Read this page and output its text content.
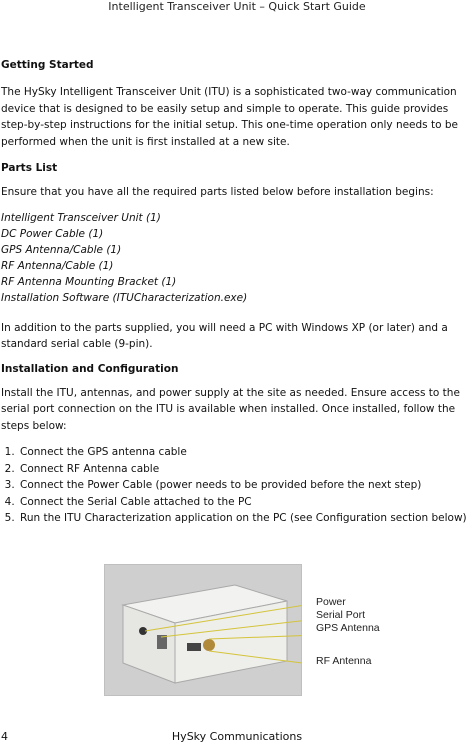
Intelligent Transceiver Unit – Quick Start Guide

Getting Started

The HySky Intelligent Transceiver Unit (ITU) is a sophisticated two-way communication device that is designed to be easily setup and simple to operate. This guide provides step-by-step instructions for the initial setup. This one-time operation only needs to be performed when the unit is first installed at a new site.

Parts List

Ensure that you have all the required parts listed below before installation begins:

Intelligent Transceiver Unit (1)
DC Power Cable (1)
GPS Antenna/Cable (1)
RF Antenna/Cable (1)
RF Antenna Mounting Bracket (1)
Installation Software (ITUCharacterization.exe)

In addition to the parts supplied, you will need a PC with Windows XP (or later) and a standard serial cable (9-pin).

Installation and Configuration

Install the ITU, antennas, and power supply at the site as needed. Ensure access to the serial port connection on the ITU is available when installed. Once installed, follow the steps below:

1. Connect the GPS antenna cable
2. Connect RF Antenna cable
3. Connect the Power Cable (power needs to be provided before the next step)
4. Connect the Serial Cable attached to the PC
5. Run the ITU Characterization application on the PC (see Configuration section below)
Power
Serial Port
GPS Antenna
RF Antenna
4	HySky Communications
